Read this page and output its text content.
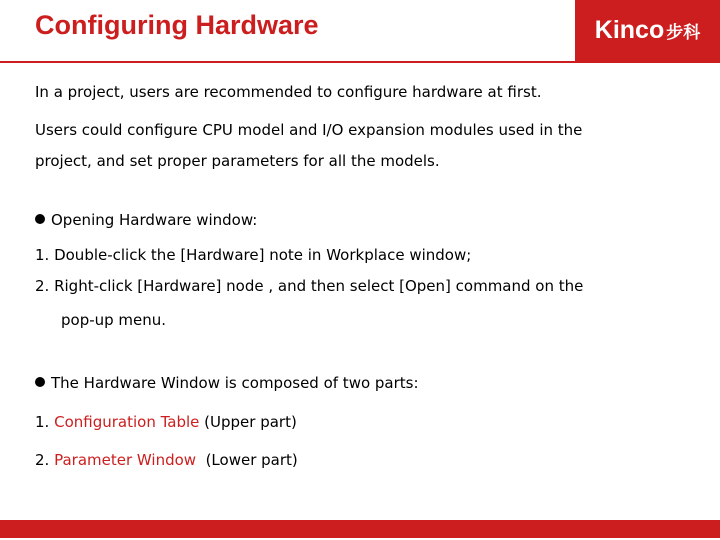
Configuring Hardware	Kinco 步科
In a project, users are recommended to configure hardware at first.
Users could configure CPU model and I/O expansion modules used in the
project, and set proper parameters for all the models.
Opening Hardware window:
1. Double-click the [Hardware] note in Workplace window;
2. Right-click [Hardware] node , and then select [Open] command on the
pop-up menu.
The Hardware Window is composed of two parts:
1. Configuration Table (Upper part)
2. Parameter Window  (Lower part)
